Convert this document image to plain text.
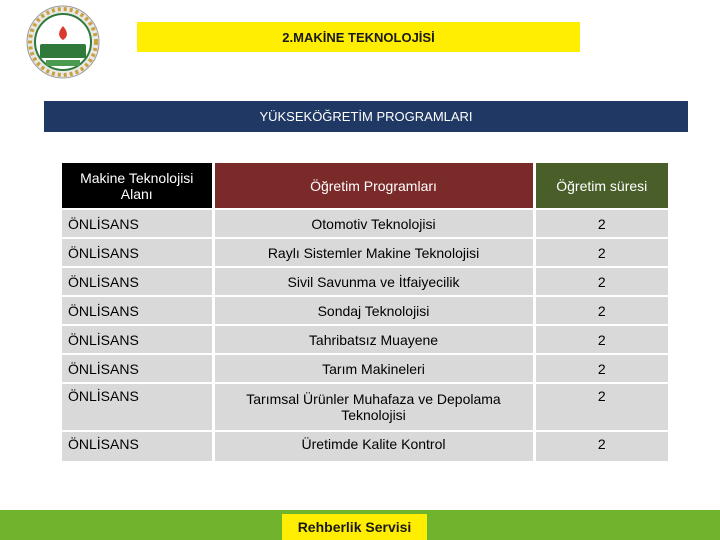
2.MAKİNE TEKNOLOJİSİ
YÜKSEKÖĞRETİM PROGRAMLARI
Makine Teknolojisi Alanı	Öğretim Programları	Öğretim süresi
ÖNLİSANS	Otomotiv Teknolojisi	2
ÖNLİSANS	Raylı Sistemler Makine Teknolojisi	2
ÖNLİSANS	Sivil Savunma ve İtfaiyecilik	2
ÖNLİSANS	Sondaj Teknolojisi	2
ÖNLİSANS	Tahribatsız Muayene	2
ÖNLİSANS	Tarım Makineleri	2
ÖNLİSANS	Tarımsal Ürünler Muhafaza ve Depolama Teknolojisi	2
ÖNLİSANS	Üretimde Kalite Kontrol	2
Rehberlik Servisi
